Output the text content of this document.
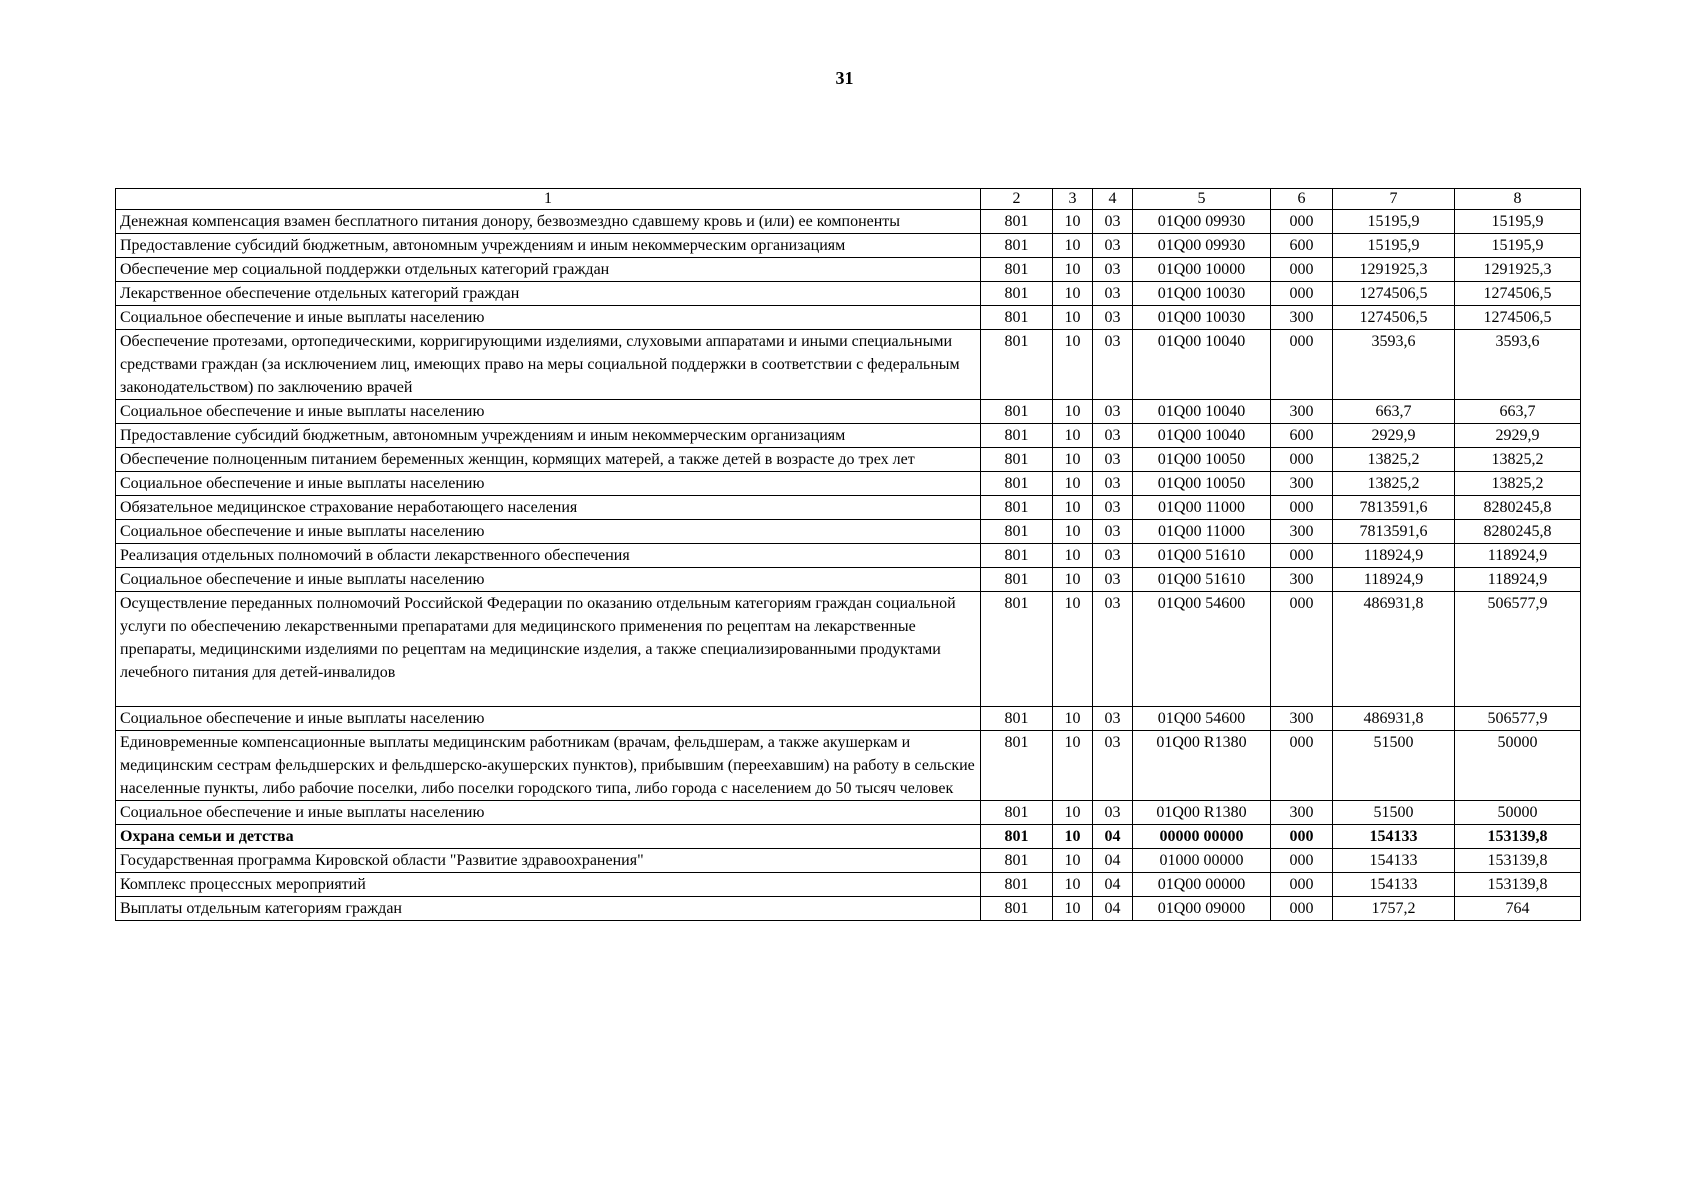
31
1	2	3	4	5	6	7	8
Денежная компенсация взамен бесплатного питания донору, безвозмездно сдавшему кровь и (или) ее компоненты	801	10	03	01Q00 09930	000	15195,9	15195,9
Предоставление субсидий бюджетным, автономным учреждениям и иным некоммерческим организациям	801	10	03	01Q00 09930	600	15195,9	15195,9
Обеспечение мер социальной поддержки отдельных категорий граждан	801	10	03	01Q00 10000	000	1291925,3	1291925,3
Лекарственное обеспечение отдельных категорий граждан	801	10	03	01Q00 10030	000	1274506,5	1274506,5
Социальное обеспечение и иные выплаты населению	801	10	03	01Q00 10030	300	1274506,5	1274506,5
Обеспечение протезами, ортопедическими, корригирующими изделиями, слуховыми аппаратами и иными специальными средствами граждан (за исключением лиц, имеющих право на меры социальной поддержки в соответствии с федеральным законодательством) по заключению врачей	801	10	03	01Q00 10040	000	3593,6	3593,6
Социальное обеспечение и иные выплаты населению	801	10	03	01Q00 10040	300	663,7	663,7
Предоставление субсидий бюджетным, автономным учреждениям и иным некоммерческим организациям	801	10	03	01Q00 10040	600	2929,9	2929,9
Обеспечение полноценным питанием беременных женщин, кормящих матерей, а также детей в возрасте до трех лет	801	10	03	01Q00 10050	000	13825,2	13825,2
Социальное обеспечение и иные выплаты населению	801	10	03	01Q00 10050	300	13825,2	13825,2
Обязательное медицинское страхование неработающего населения	801	10	03	01Q00 11000	000	7813591,6	8280245,8
Социальное обеспечение и иные выплаты населению	801	10	03	01Q00 11000	300	7813591,6	8280245,8
Реализация отдельных полномочий в области лекарственного обеспечения	801	10	03	01Q00 51610	000	118924,9	118924,9
Социальное обеспечение и иные выплаты населению	801	10	03	01Q00 51610	300	118924,9	118924,9
Осуществление переданных полномочий Российской Федерации по оказанию отдельным категориям граждан социальной услуги по обеспечению лекарственными препаратами для медицинского применения по рецептам на лекарственные препараты, медицинскими изделиями по рецептам на медицинские изделия, а также специализированными продуктами лечебного питания для детей-инвалидов	801	10	03	01Q00 54600	000	486931,8	506577,9
Социальное обеспечение и иные выплаты населению	801	10	03	01Q00 54600	300	486931,8	506577,9
Единовременные компенсационные выплаты медицинским работникам (врачам, фельдшерам, а также акушеркам и медицинским сестрам фельдшерских и фельдшерско-акушерских пунктов), прибывшим (переехавшим) на работу в сельские населенные пункты, либо рабочие поселки, либо поселки городского типа, либо города с населением до 50 тысяч человек	801	10	03	01Q00 R1380	000	51500	50000
Социальное обеспечение и иные выплаты населению	801	10	03	01Q00 R1380	300	51500	50000
Охрана семьи и детства	801	10	04	00000 00000	000	154133	153139,8
Государственная программа Кировской области "Развитие здравоохранения"	801	10	04	01000 00000	000	154133	153139,8
Комплекс процессных мероприятий	801	10	04	01Q00 00000	000	154133	153139,8
Выплаты отдельным категориям граждан	801	10	04	01Q00 09000	000	1757,2	764
